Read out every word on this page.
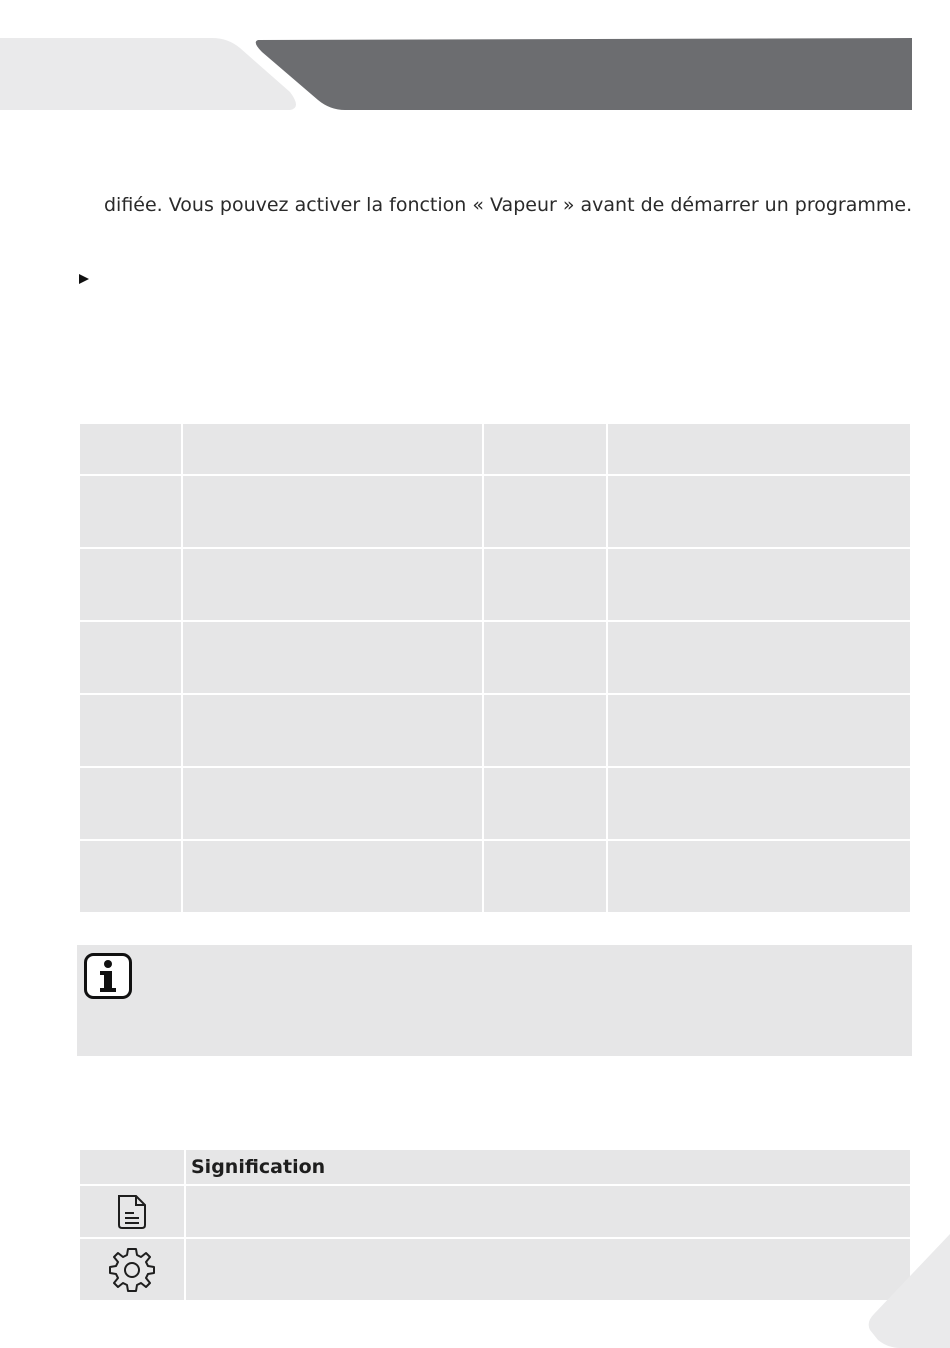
difiée. Vous pouvez activer la fonction « Vapeur » avant de démarrer un programme.

	Signification
